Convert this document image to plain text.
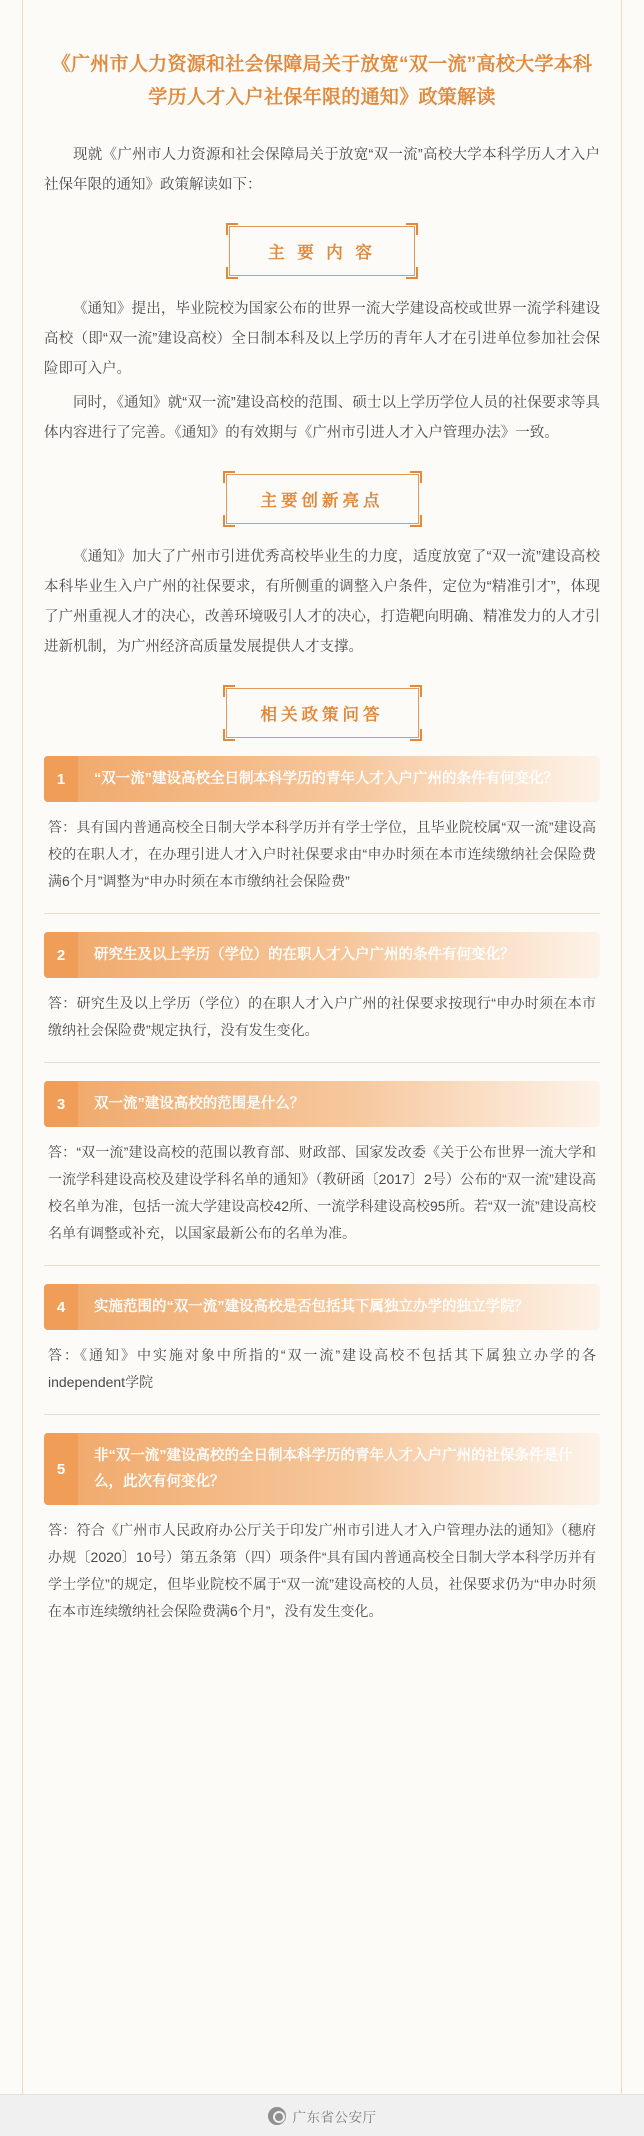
《广州市人力资源和社会保障局关于放宽“双一流”高校大学本科学历人才入户社保年限的通知》政策解读

现就《广州市人力资源和社会保障局关于放宽“双一流”高校大学本科学历人才入户社保年限的通知》政策解读如下：

主 要 内 容

《通知》提出，毕业院校为国家公布的世界一流大学建设高校或世界一流学科建设高校（即“双一流”建设高校）全日制本科及以上学历的青年人才在引进单位参加社会保险即可入户。

同时，《通知》就“双一流”建设高校的范围、硕士以上学历学位人员的社保要求等具体内容进行了完善。《通知》的有效期与《广州市引进人才入户管理办法》一致。

主要创新亮点

《通知》加大了广州市引进优秀高校毕业生的力度，适度放宽了“双一流”建设高校本科毕业生入户广州的社保要求，有所侧重的调整入户条件，定位为“精准引才”，体现了广州重视人才的决心，改善环境吸引人才的决心，打造靶向明确、精准发力的人才引进新机制，为广州经济高质量发展提供人才支撑。

相关政策问答
1	“双一流”建设高校全日制本科学历的青年人才入户广州的条件有何变化？
答：具有国内普通高校全日制大学本科学历并有学士学位，且毕业院校属“双一流”建设高校的在职人才，在办理引进人才入户时社保要求由“申办时须在本市连续缴纳社会保险费满6个月”调整为“申办时须在本市缴纳社会保险费”
2	研究生及以上学历（学位）的在职人才入户广州的条件有何变化？
答：研究生及以上学历（学位）的在职人才入户广州的社保要求按现行“申办时须在本市缴纳社会保险费”规定执行，没有发生变化。
3	双一流”建设高校的范围是什么？
答：“双一流”建设高校的范围以教育部、财政部、国家发改委《关于公布世界一流大学和一流学科建设高校及建设学科名单的通知》（教研函〔2017〕2号）公布的“双一流”建设高校名单为准，包括一流大学建设高校42所、一流学科建设高校95所。若“双一流”建设高校名单有调整或补充，以国家最新公布的名单为准。
4	实施范围的“双一流”建设高校是否包括其下属独立办学的独立学院？
答：《通知》中实施对象中所指的“双一流”建设高校不包括其下属独立办学的各independent学院
5
非“双一流”建设高校的全日制本科学历的青年人才入户广州的社保条件是什么，此次有何变化？
答：符合《广州市人民政府办公厅关于印发广州市引进人才入户管理办法的通知》（穗府办规〔2020〕10号）第五条第（四）项条件“具有国内普通高校全日制大学本科学历并有学士学位”的规定，但毕业院校不属于“双一流”建设高校的人员，社保要求仍为“申办时须在本市连续缴纳社会保险费满6个月”，没有发生变化。
广东省公安厅
